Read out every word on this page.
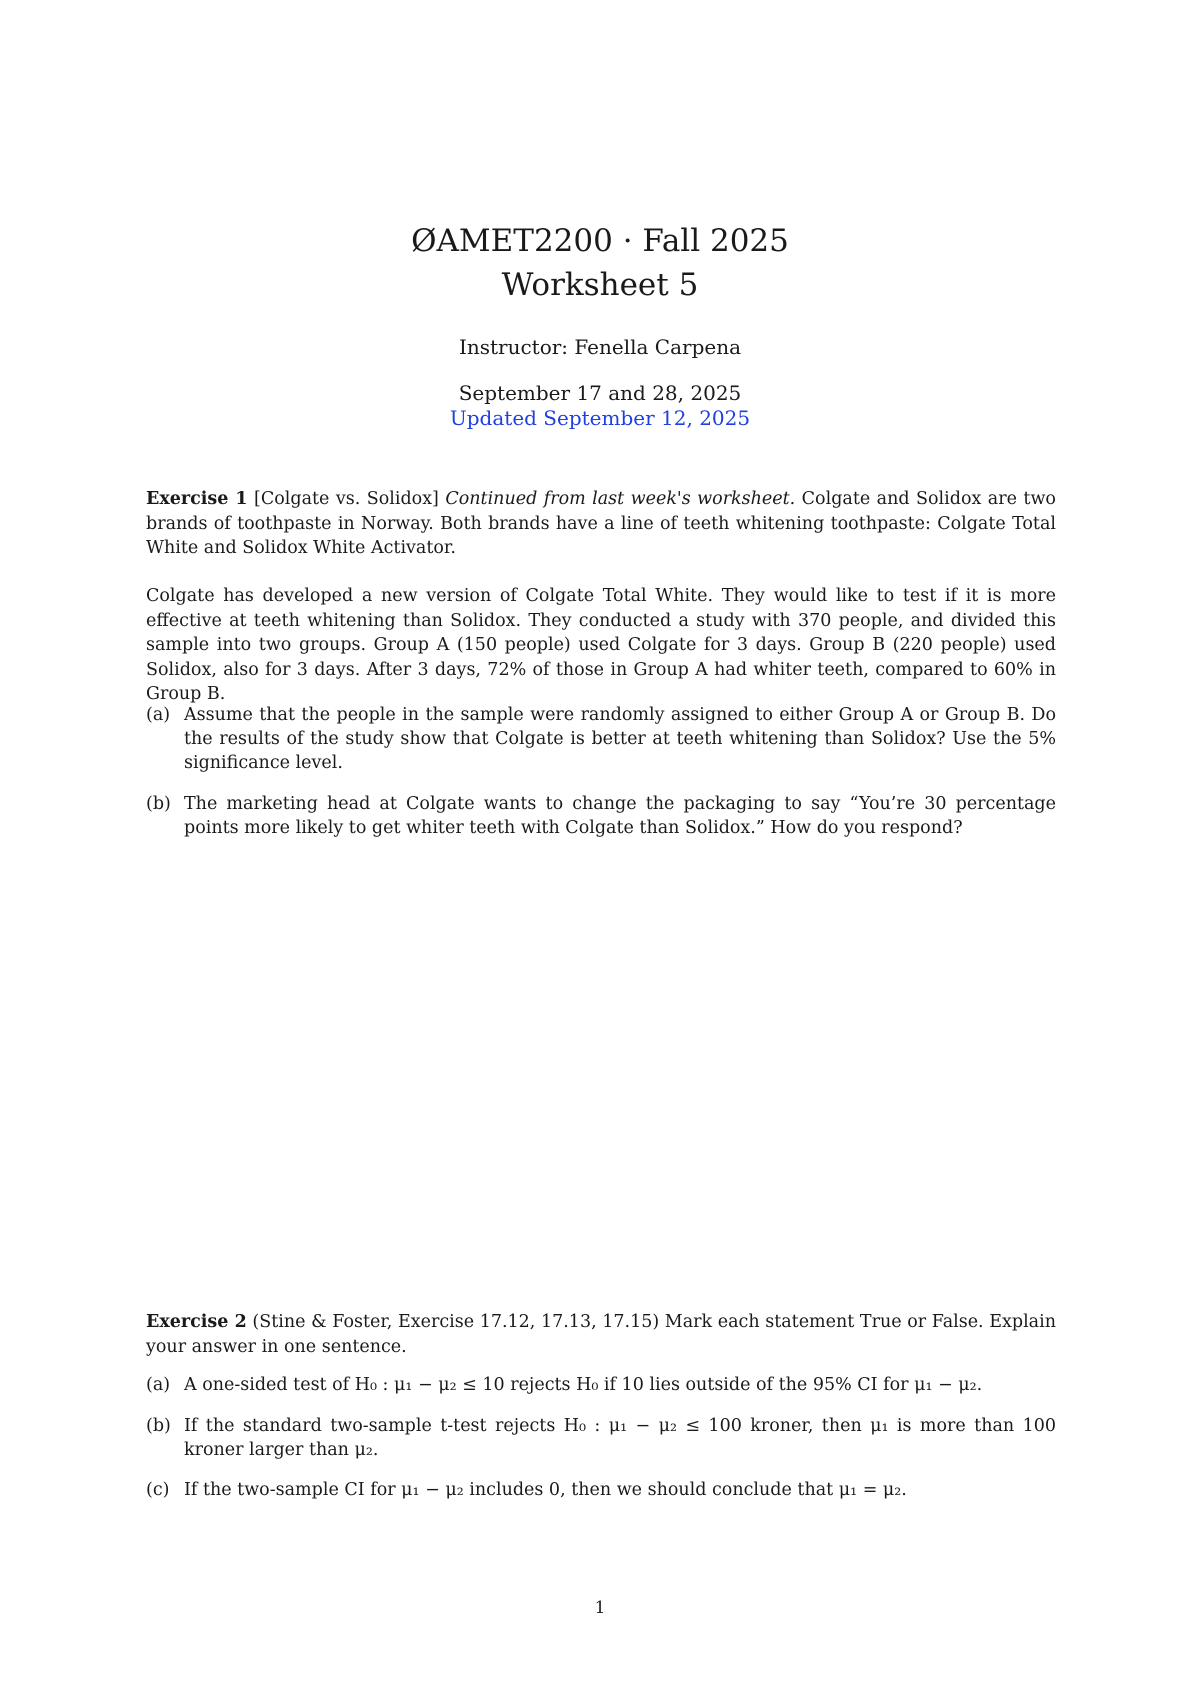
ØAMET2200 · Fall 2025
Worksheet 5
Instructor: Fenella Carpena
September 17 and 28, 2025
Updated September 12, 2025
Exercise 1 [Colgate vs. Solidox] Continued from last week's worksheet. Colgate and Solidox are two brands of toothpaste in Norway. Both brands have a line of teeth whitening toothpaste: Colgate Total White and Solidox White Activator.
Colgate has developed a new version of Colgate Total White. They would like to test if it is more effective at teeth whitening than Solidox. They conducted a study with 370 people, and divided this sample into two groups. Group A (150 people) used Colgate for 3 days. Group B (220 people) used Solidox, also for 3 days. After 3 days, 72% of those in Group A had whiter teeth, compared to 60% in Group B.
(a) Assume that the people in the sample were randomly assigned to either Group A or Group B. Do the results of the study show that Colgate is better at teeth whitening than Solidox? Use the 5% significance level.
(b) The marketing head at Colgate wants to change the packaging to say “You’re 30 percentage points more likely to get whiter teeth with Colgate than Solidox.” How do you respond?
Exercise 2 (Stine & Foster, Exercise 17.12, 17.13, 17.15) Mark each statement True or False. Explain your answer in one sentence.
(a) A one-sided test of H₀ : μ₁ − μ₂ ≤ 10 rejects H₀ if 10 lies outside of the 95% CI for μ₁ − μ₂.
(b) If the standard two-sample t-test rejects H₀ : μ₁ − μ₂ ≤ 100 kroner, then μ₁ is more than 100 kroner larger than μ₂.
(c) If the two-sample CI for μ₁ − μ₂ includes 0, then we should conclude that μ₁ = μ₂.
1
